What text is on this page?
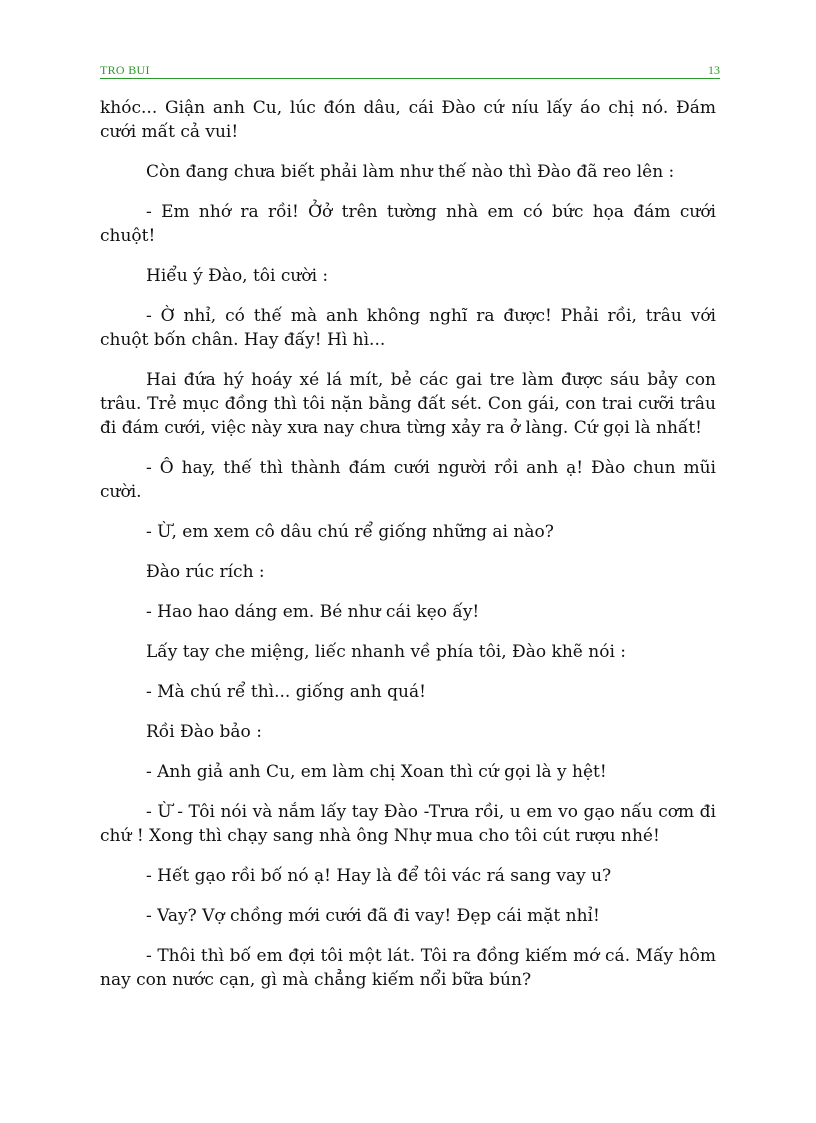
TRO BUI	13

khóc... Giận anh Cu, lúc đón dâu, cái Đào cứ níu lấy áo chị nó. Đám cưới mất cả vui!

Còn đang chưa biết phải làm như thế nào thì Đào đã reo lên :

- Em nhớ ra rồi! Ởở trên tường nhà em có bức họa đám cưới chuột!

Hiểu ý Đào, tôi cười :

- Ờ nhỉ, có thế mà anh không nghĩ ra được! Phải rồi, trâu với chuột bốn chân. Hay đấy! Hì hì...

Hai đứa hý hoáy xé lá mít, bẻ các gai tre làm được sáu bảy con trâu. Trẻ mục đồng thì tôi nặn bằng đất sét. Con gái, con trai cưỡi trâu đi đám cưới, việc này xưa nay chưa từng xảy ra ở làng. Cứ gọi là nhất!

- Ô hay, thế thì thành đám cưới người rồi anh ạ! Đào chun mũi cười.

- Ừ, em xem cô dâu chú rể giống những ai nào?

Đào rúc rích :

- Hao hao dáng em. Bé như cái kẹo ấy!

Lấy tay che miệng, liếc nhanh về phía tôi, Đào khẽ nói :

- Mà chú rể thì... giống anh quá!

Rồi Đào bảo :

- Anh giả anh Cu, em làm chị Xoan thì cứ gọi là y hệt!

- Ừ - Tôi nói và nắm lấy tay Đào -Trưa rồi, u em vo gạo nấu cơm đi chứ ! Xong thì chạy sang nhà ông Nhự mua cho tôi cút rượu nhé!

- Hết gạo rồi bố nó ạ! Hay là để tôi vác rá sang vay u?

- Vay? Vợ chồng mới cưới đã đi vay! Đẹp cái mặt nhỉ!

- Thôi thì bố em đợi tôi một lát. Tôi ra đồng kiếm mớ cá. Mấy hôm nay con nước cạn, gì mà chẳng kiếm nổi bữa bún?
